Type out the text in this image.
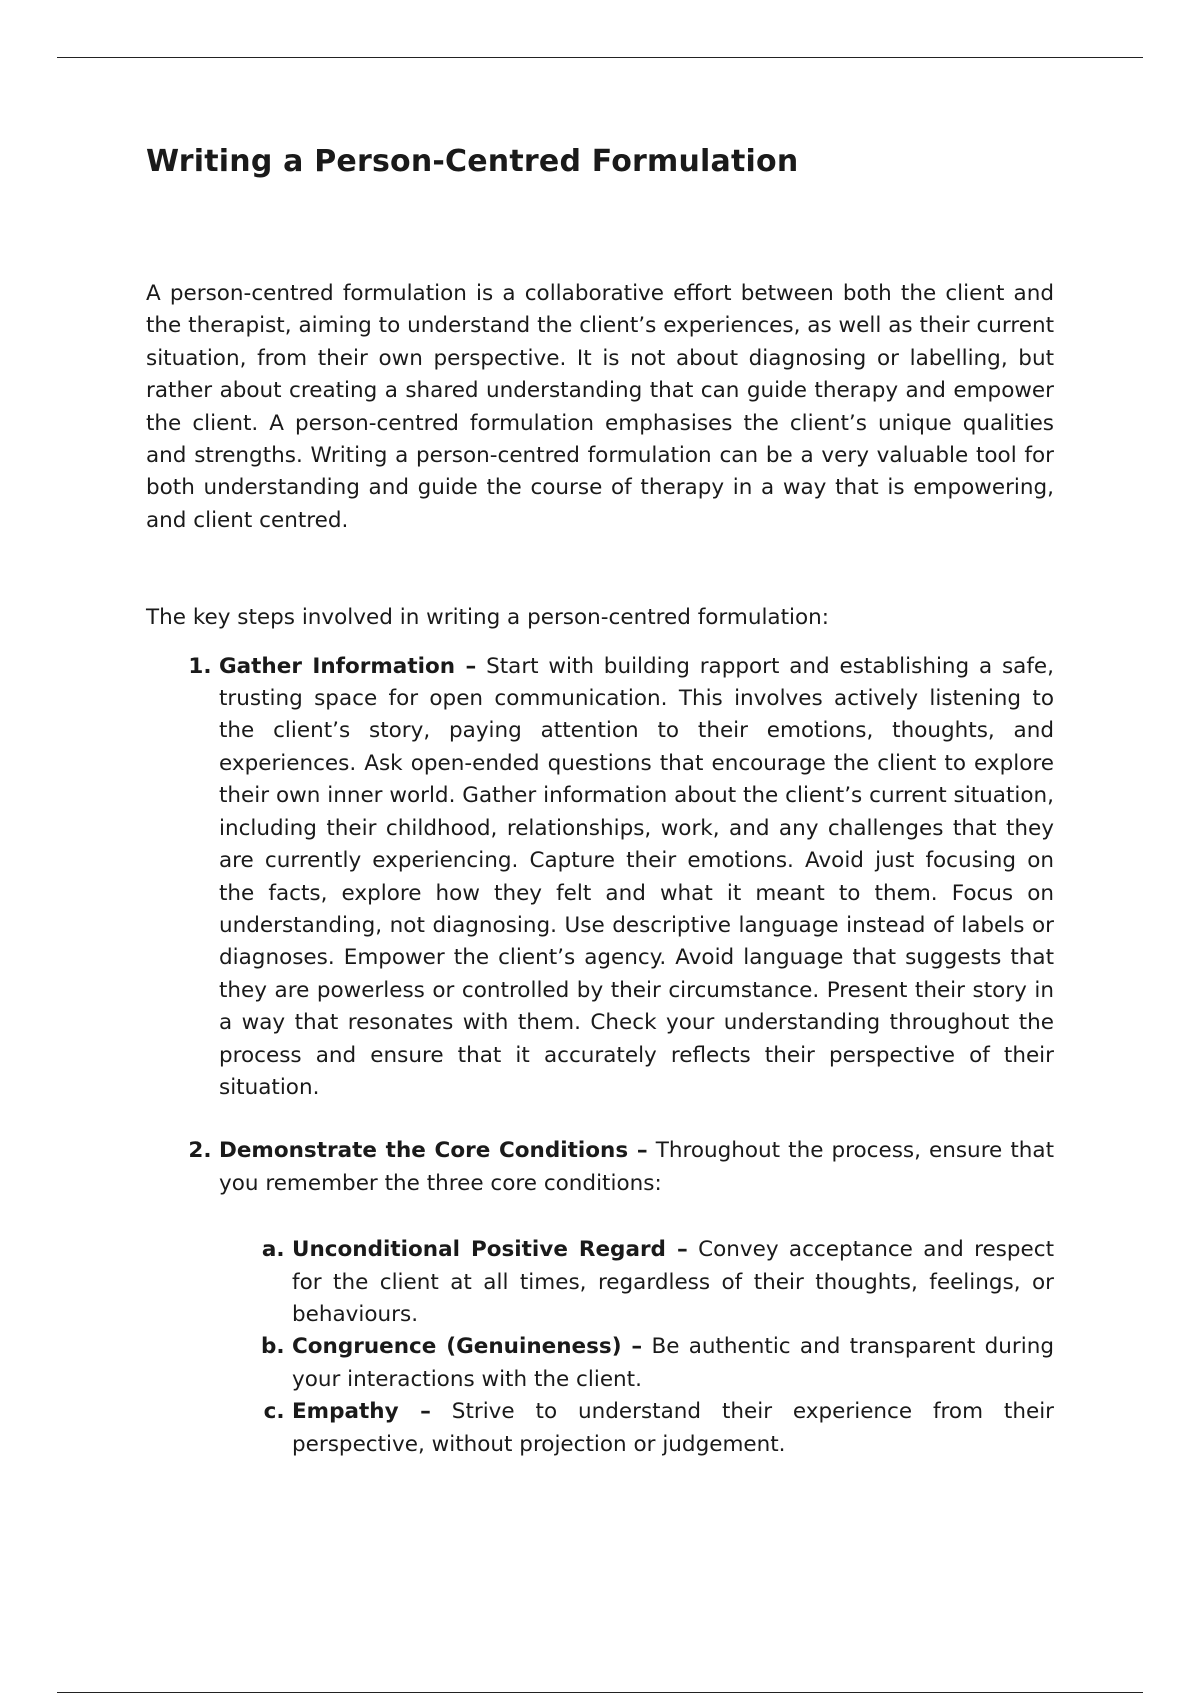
Writing a Person-Centred Formulation

A person-centred formulation is a collaborative effort between both the client and the therapist, aiming to understand the client’s experiences, as well as their current situation, from their own perspective. It is not about diagnosing or labelling, but rather about creating a shared understanding that can guide therapy and empower the client. A person-centred formulation emphasises the client’s unique qualities and strengths. Writing a person-centred formulation can be a very valuable tool for both understanding and guide the course of therapy in a way that is empowering, and client centred.

The key steps involved in writing a person-centred formulation:

1. Gather Information – Start with building rapport and establishing a safe, trusting space for open communication. This involves actively listening to the client’s story, paying attention to their emotions, thoughts, and experiences. Ask open-ended questions that encourage the client to explore their own inner world. Gather information about the client’s current situation, including their childhood, relationships, work, and any challenges that they are currently experiencing. Capture their emotions. Avoid just focusing on the facts, explore how they felt and what it meant to them. Focus on understanding, not diagnosing. Use descriptive language instead of labels or diagnoses. Empower the client’s agency. Avoid language that suggests that they are powerless or controlled by their circumstance. Present their story in a way that resonates with them. Check your understanding throughout the process and ensure that it accurately reflects their perspective of their situation.
2. Demonstrate the Core Conditions – Throughout the process, ensure that you remember the three core conditions:
a. Unconditional Positive Regard – Convey acceptance and respect for the client at all times, regardless of their thoughts, feelings, or behaviours.
b. Congruence (Genuineness) – Be authentic and transparent during your interactions with the client.
c. Empathy – Strive to understand their experience from their perspective, without projection or judgement.
